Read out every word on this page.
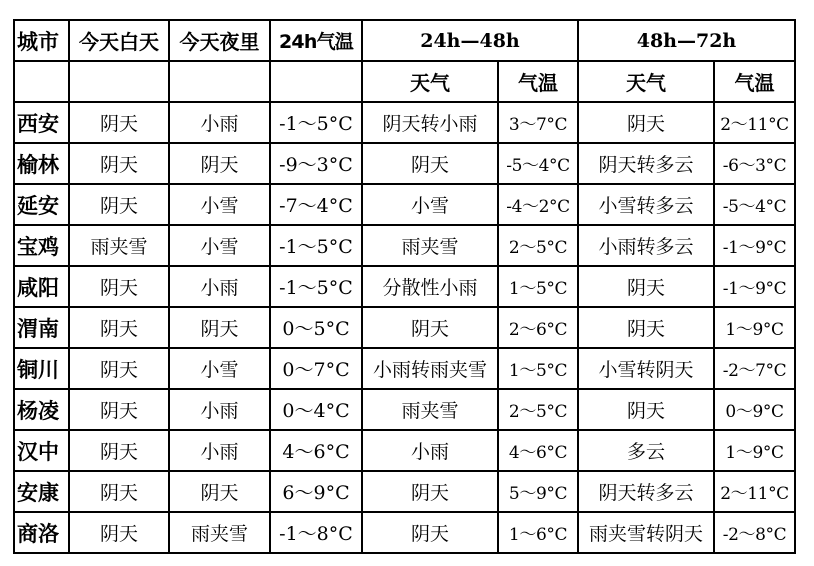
城市	今天白天	今天夜里	24h气温	24h—48h		48h—72h	
				天气	气温	天气	气温
西安	阴天	小雨	-1～5°C	阴天转小雨	3～7°C	阴天	2～11°C
榆林	阴天	阴天	-9～3°C	阴天	-5～4°C	阴天转多云	-6～3°C
延安	阴天	小雪	-7～4°C	小雪	-4～2°C	小雪转多云	-5～4°C
宝鸡	雨夹雪	小雪	-1～5°C	雨夹雪	2～5°C	小雨转多云	-1～9°C
咸阳	阴天	小雨	-1～5°C	分散性小雨	1～5°C	阴天	-1～9°C
渭南	阴天	阴天	0～5°C	阴天	2～6°C	阴天	1～9°C
铜川	阴天	小雪	0～7°C	小雨转雨夹雪	1～5°C	小雪转阴天	-2～7°C
杨凌	阴天	小雨	0～4°C	雨夹雪	2～5°C	阴天	0～9°C
汉中	阴天	小雨	4～6°C	小雨	4～6°C	多云	1～9°C
安康	阴天	阴天	6～9°C	阴天	5～9°C	阴天转多云	2～11°C
商洛	阴天	雨夹雪	-1～8°C	阴天	1～6°C	雨夹雪转阴天	-2～8°C
